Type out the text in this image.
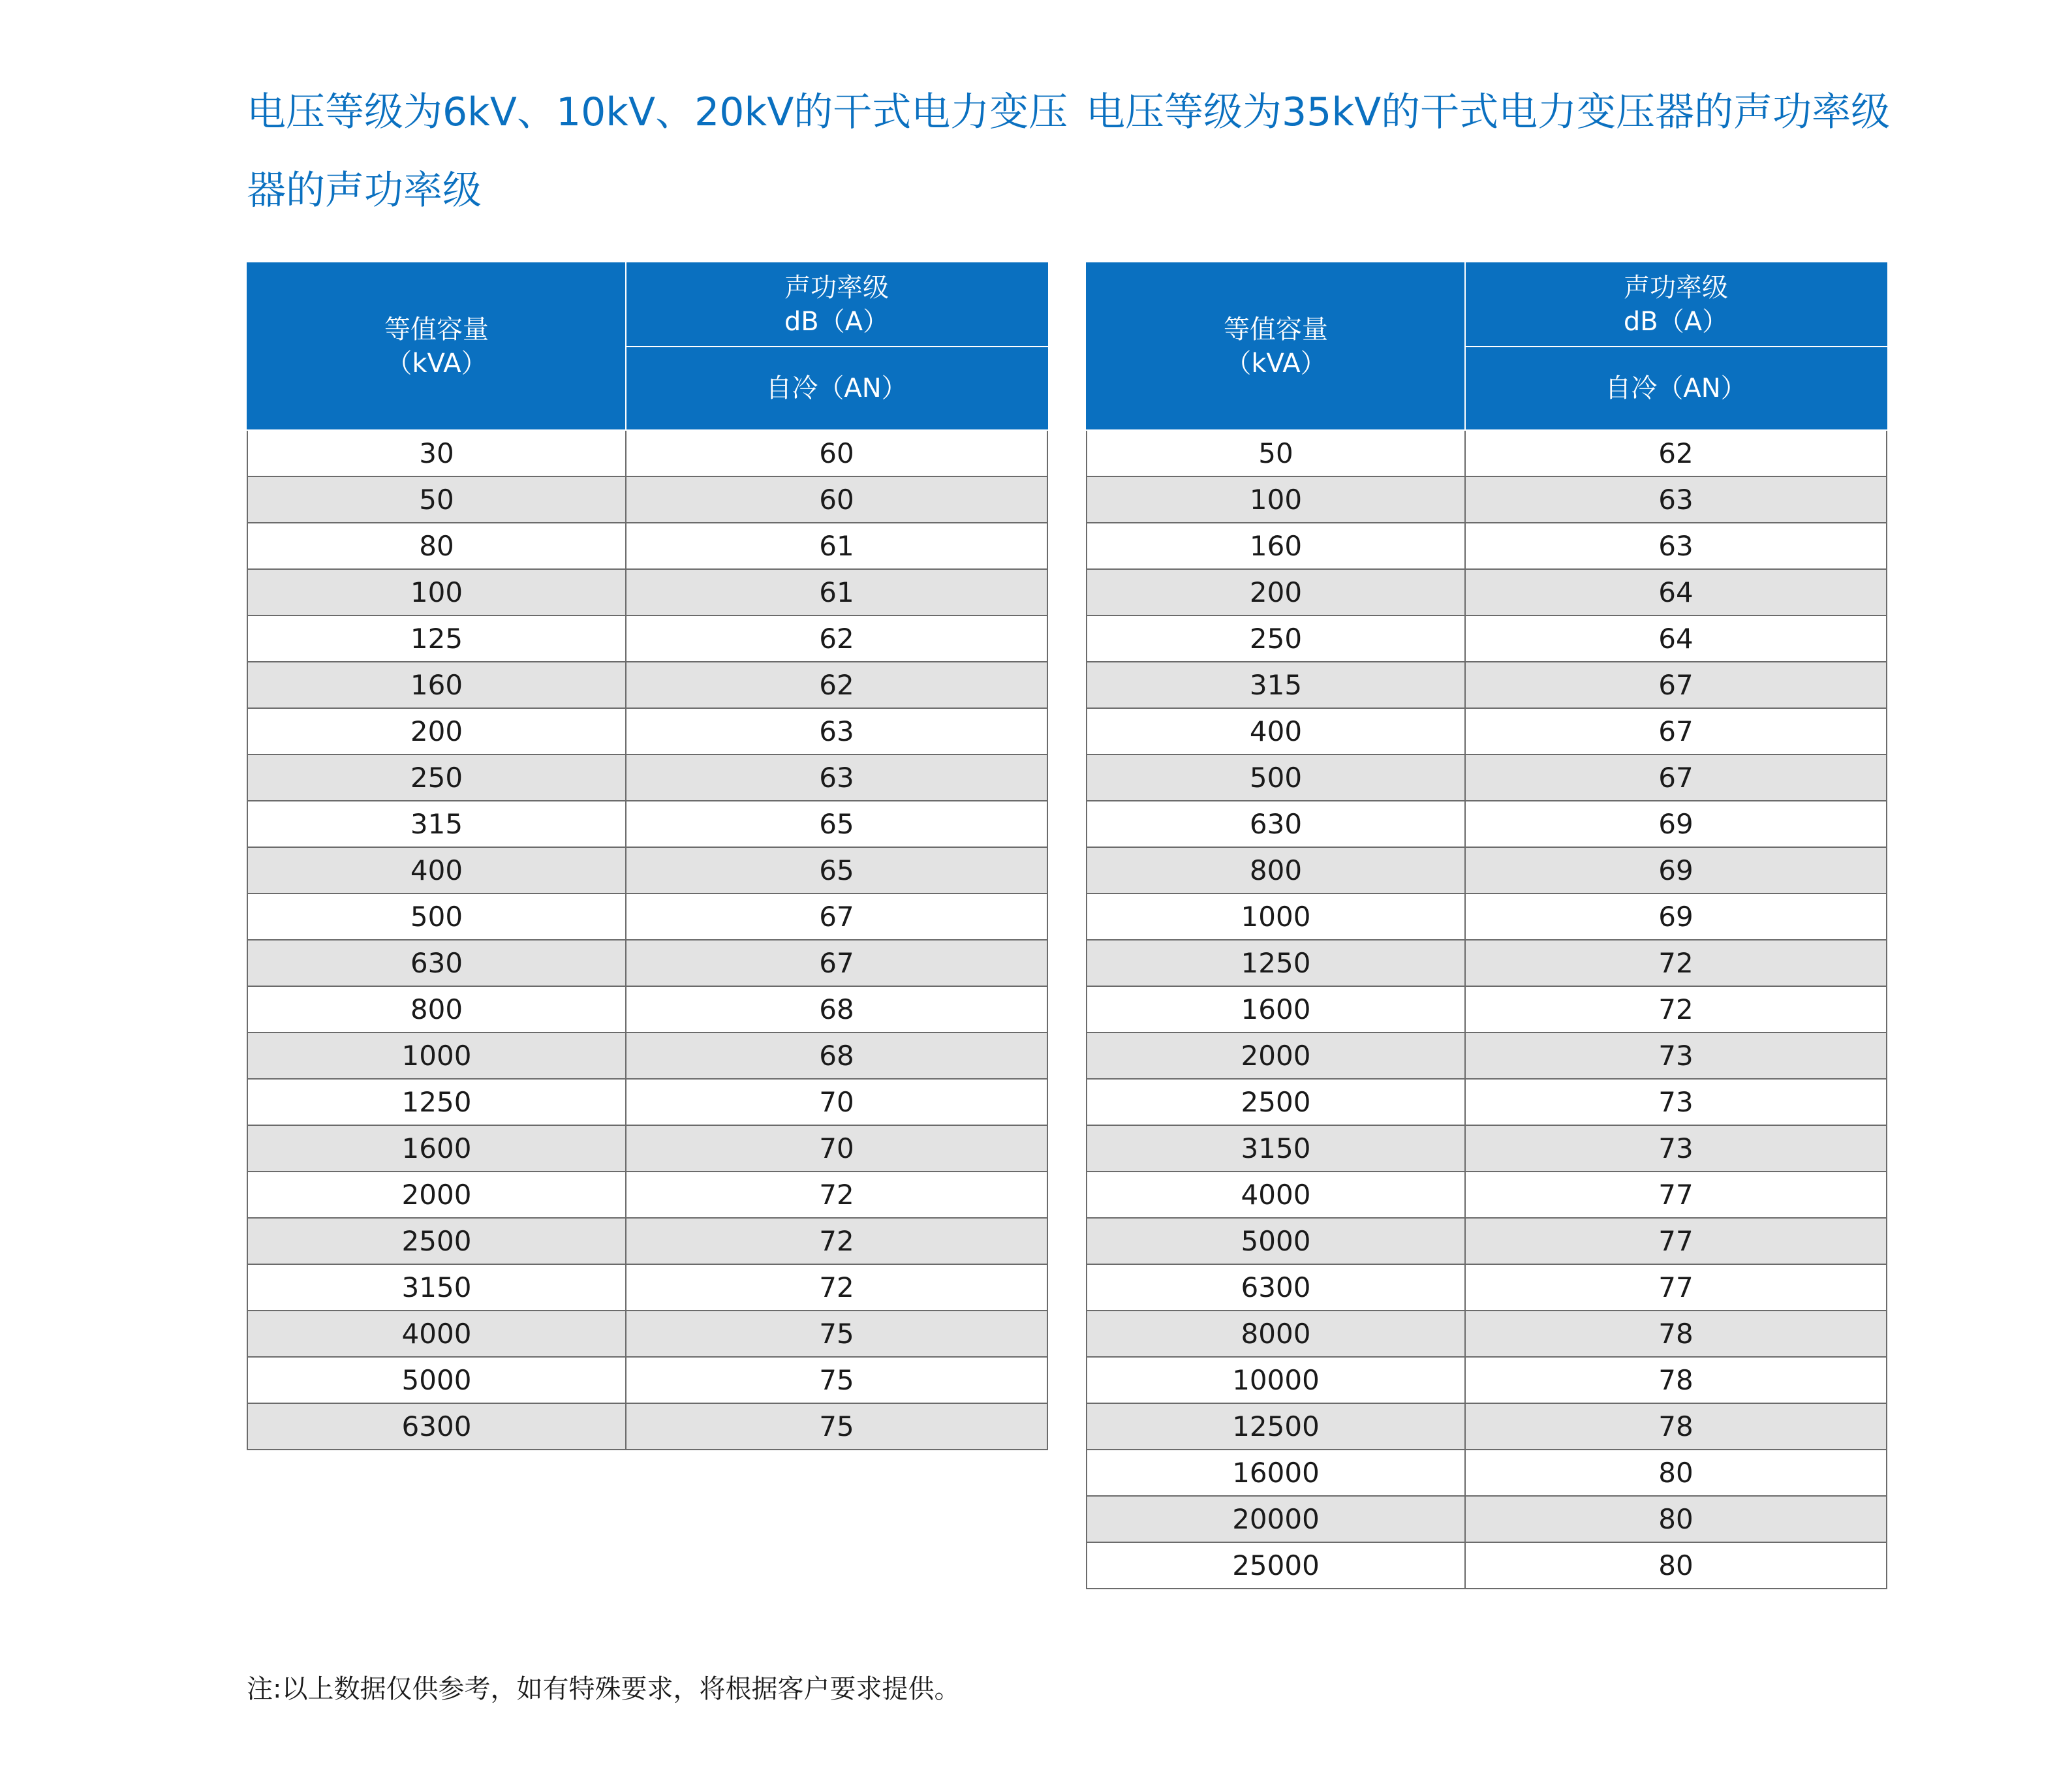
电压等级为6kV、10kV、20kV的干式电力变压器的声功率级
电压等级为35kV的干式电力变压器的声功率级
等值容量
（kVA）	声功率级
dB（A）

	自冷（AN）
30	60
50	60
80	61
100	61
125	62
160	62
200	63
250	63
315	65
400	65
500	67
630	67
800	68
1000	68
1250	70
1600	70
2000	72
2500	72
3150	72
4000	75
5000	75
6300	75
等值容量
（kVA）	声功率级
dB（A）

	自冷（AN）
50	62
100	63
160	63
200	64
250	64
315	67
400	67
500	67
630	69
800	69
1000	69
1250	72
1600	72
2000	73
2500	73
3150	73
4000	77
5000	77
6300	77
8000	78
10000	78
12500	78
16000	80
20000	80
25000	80
注:以上数据仅供参考，如有特殊要求，将根据客户要求提供。
